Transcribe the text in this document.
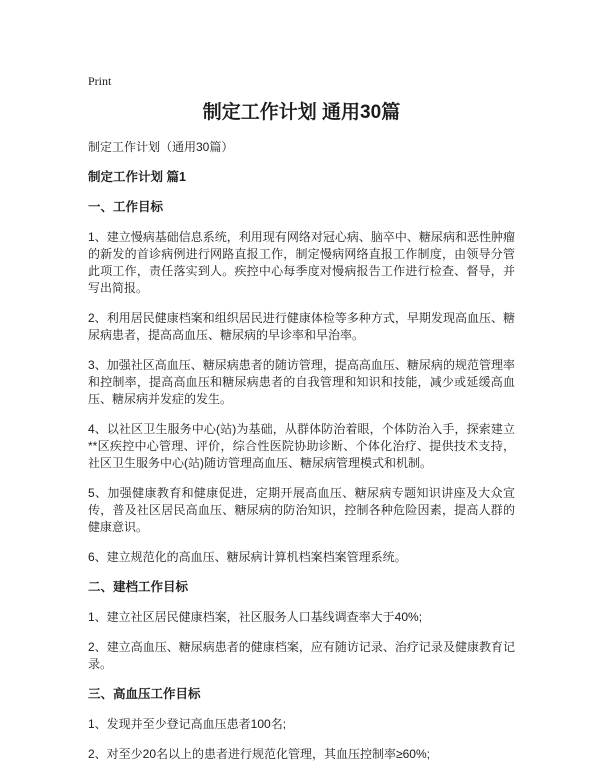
Print
制定工作计划 通用30篇

制定工作计划（通用30篇）

制定工作计划 篇1
一、工作目标

1、建立慢病基础信息系统，利用现有网络对冠心病、脑卒中、糖尿病和恶性肿瘤的新发的首诊病例进行网路直报工作，制定慢病网络直报工作制度，由领导分管此项工作，责任落实到人。疾控中心每季度对慢病报告工作进行检查、督导，并写出简报。

2、利用居民健康档案和组织居民进行健康体检等多种方式，早期发现高血压、糖尿病患者，提高高血压、糖尿病的早诊率和早治率。

3、加强社区高血压、糖尿病患者的随访管理，提高高血压、糖尿病的规范管理率和控制率，提高高血压和糖尿病患者的自我管理和知识和技能，减少或延缓高血压、糖尿病并发症的发生。

4、以社区卫生服务中心(站)为基础，从群体防治着眼，个体防治入手，探索建立**区疾控中心管理、评价，综合性医院协助诊断、个体化治疗、提供技术支持，社区卫生服务中心(站)随访管理高血压、糖尿病管理模式和机制。

5、加强健康教育和健康促进，定期开展高血压、糖尿病专题知识讲座及大众宣传，普及社区居民高血压、糖尿病的防治知识，控制各种危险因素，提高人群的健康意识。

6、建立规范化的高血压、糖尿病计算机档案档案管理系统。

二、建档工作目标

1、建立社区居民健康档案，社区服务人口基线调查率大于40%;

2、建立高血压、糖尿病患者的健康档案，应有随访记录、治疗记录及健康教育记录。

三、高血压工作目标

1、发现并至少登记高血压患者100名;

2、对至少20名以上的患者进行规范化管理，其血压控制率≥60%;
